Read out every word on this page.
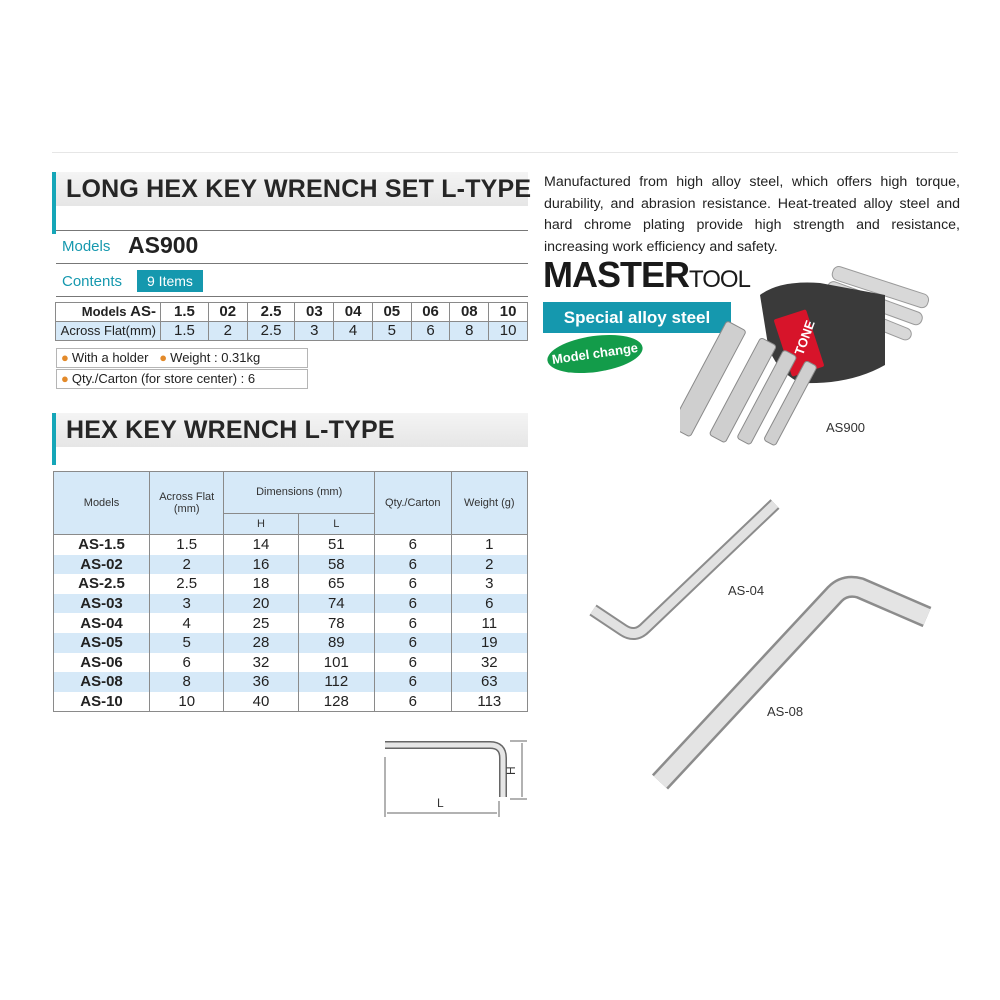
LONG HEX KEY WRENCH SET L-TYPE
Models AS900
Contents	9 Items
Models AS-	1.5	02	2.5	03	04	05	06	08	10
Across Flat(mm)	1.5	2	2.5	3	4	5	6	8	10
● With a holder ● Weight : 0.31kg
● Qty./Carton (for store center) : 6
HEX KEY WRENCH L-TYPE
Models	Across Flat (mm)	Dimensions (mm)		Qty./Carton	Weight (g)
		H	L		
AS-1.5	1.5	14	51	6	1
AS-02	2	16	58	6	2
AS-2.5	2.5	18	65	6	3
AS-03	3	20	74	6	6
AS-04	4	25	78	6	11
AS-05	5	28	89	6	19
AS-06	6	32	101	6	32
AS-08	8	36	112	6	63
AS-10	10	40	128	6	113
L
H
Manufactured from high alloy steel, which offers high torque, durability, and abrasion resistance. Heat-treated alloy steel and hard chrome plating provide high strength and resistance, increasing work efficiency and safety.
MASTERTOOL
Special alloy steel
Model change	TONE
AS900
AS-04
AS-08
